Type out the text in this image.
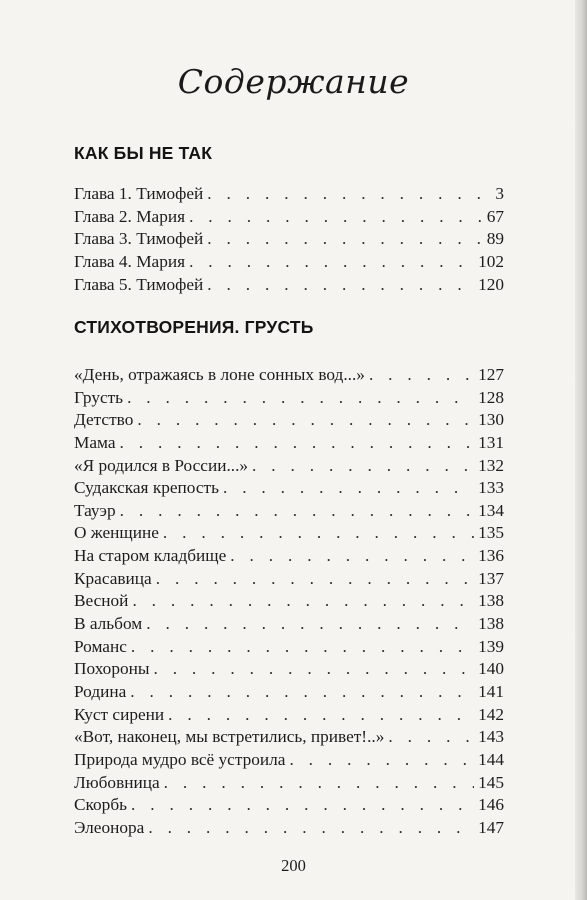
Содержание
КАК БЫ НЕ ТАК
Глава 1. Тимофей . . .	3
Глава 2. Мария . . .	67
Глава 3. Тимофей . . .	89
Глава 4. Мария . . .	102
Глава 5. Тимофей . . .	120
СТИХОТВОРЕНИЯ. ГРУСТЬ
«День, отражаясь в лоне сонных вод...» . . .	127
Грусть . . .	128
Детство . . .	130
Мама . . .	131
«Я родился в России...» . . .	132
Судакская крепость . . .	133
Тауэр . . .	134
О женщине . . .	135
На старом кладбище . . .	136
Красавица . . .	137
Весной . . .	138
В альбом . . .	138
Романс . . .	139
Похороны . . .	140
Родина . . .	141
Куст сирени . . .	142
«Вот, наконец, мы встретились, привет!..» . . .	143
Природа мудро всё устроила . . .	144
Любовница . . .	145
Скорбь . . .	146
Элеонора . . .	147
200
